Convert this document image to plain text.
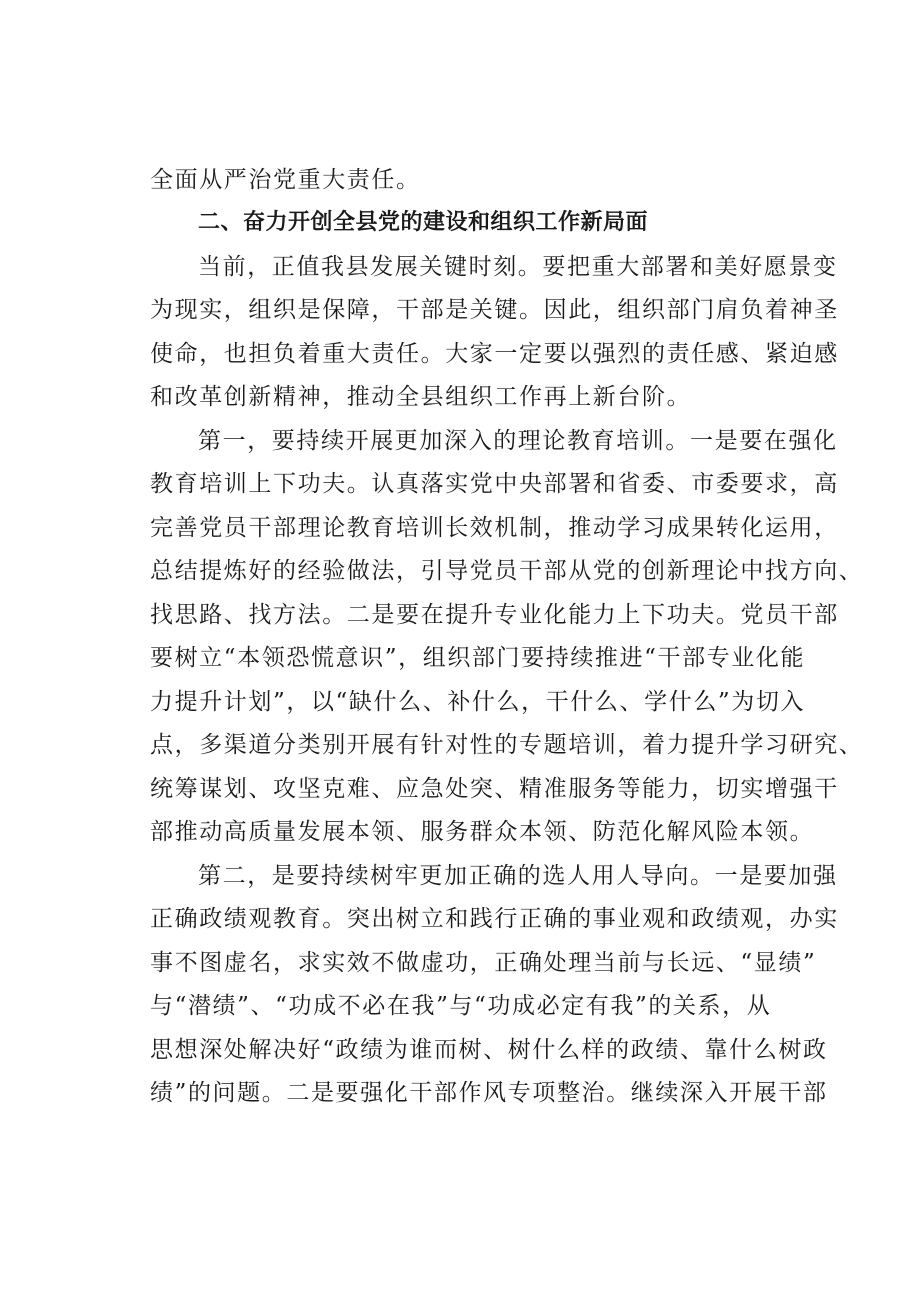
全面从严治党重大责任。
二、奋力开创全县党的建设和组织工作新局面
当前，正值我县发展关键时刻。要把重大部署和美好愿景变
为现实，组织是保障，干部是关键。因此，组织部门肩负着神圣
使命，也担负着重大责任。大家一定要以强烈的责任感、紧迫感
和改革创新精神，推动全县组织工作再上新台阶。
第一，要持续开展更加深入的理论教育培训。一是要在强化
教育培训上下功夫。认真落实党中央部署和省委、市委要求，高
完善党员干部理论教育培训长效机制，推动学习成果转化运用，
总结提炼好的经验做法，引导党员干部从党的创新理论中找方向、
找思路、找方法。二是要在提升专业化能力上下功夫。党员干部
要树立“本领恐慌意识”，组织部门要持续推进“干部专业化能
力提升计划”，以“缺什么、补什么，干什么、学什么”为切入
点，多渠道分类别开展有针对性的专题培训，着力提升学习研究、
统筹谋划、攻坚克难、应急处突、精准服务等能力，切实增强干
部推动高质量发展本领、服务群众本领、防范化解风险本领。
第二，是要持续树牢更加正确的选人用人导向。一是要加强
正确政绩观教育。突出树立和践行正确的事业观和政绩观，办实
事不图虚名，求实效不做虚功，正确处理当前与长远、“显绩”
与“潜绩”、“功成不必在我”与“功成必定有我”的关系，从
思想深处解决好“政绩为谁而树、树什么样的政绩、靠什么树政
绩”的问题。二是要强化干部作风专项整治。继续深入开展干部
